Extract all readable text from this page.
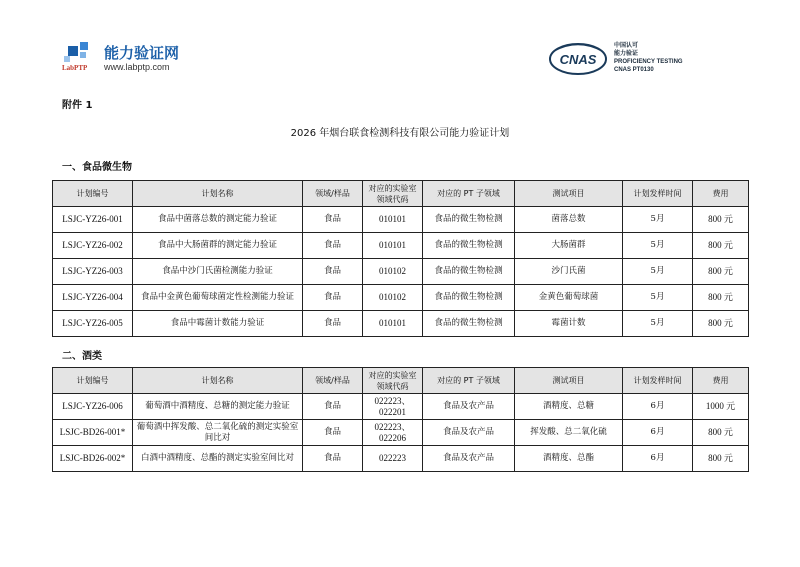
LabPTP
能力验证网
www.labptp.com	CNAS
中国认可
能力验证
PROFICIENCY TESTING
CNAS PT0130
附件 1
2026 年烟台联食检测科技有限公司能力验证计划
一、食品微生物
计划编号	计划名称	领域/样品	对应的实验室领域代码	对应的 PT 子领域	测试项目	计划发样时间	费用
LSJC-YZ26-001	食品中菌落总数的测定能力验证	食品	010101	食品的微生物检测	菌落总数	5月	800 元
LSJC-YZ26-002	食品中大肠菌群的测定能力验证	食品	010101	食品的微生物检测	大肠菌群	5月	800 元
LSJC-YZ26-003	食品中沙门氏菌检测能力验证	食品	010102	食品的微生物检测	沙门氏菌	5月	800 元
LSJC-YZ26-004	食品中金黄色葡萄球菌定性检测能力验证	食品	010102	食品的微生物检测	金黄色葡萄球菌	5月	800 元
LSJC-YZ26-005	食品中霉菌计数能力验证	食品	010101	食品的微生物检测	霉菌计数	5月	800 元
二、酒类
计划编号	计划名称	领域/样品	对应的实验室领域代码	对应的 PT 子领域	测试项目	计划发样时间	费用
LSJC-YZ26-006	葡萄酒中酒精度、总糖的测定能力验证	食品	022223、022201	食品及农产品	酒精度、总糖	6月	1000 元
LSJC-BD26-001*	葡萄酒中挥发酸、总二氧化硫的测定实验室间比对	食品	022223、022206	食品及农产品	挥发酸、总二氧化硫	6月	800 元
LSJC-BD26-002*	白酒中酒精度、总酯的测定实验室间比对	食品	022223	食品及农产品	酒精度、总酯	6月	800 元
